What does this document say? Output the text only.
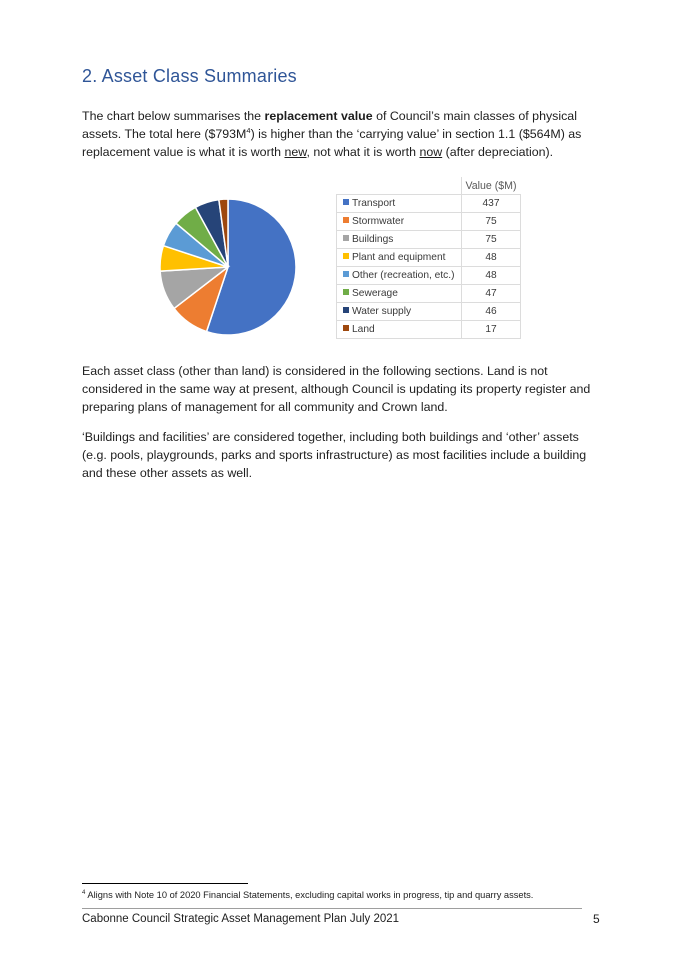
2. Asset Class Summaries

The chart below summarises the replacement value of Council’s main classes of physical assets. The total here $(\$793M^4)$ is higher than the ‘carrying value’ in section 1.1 ($564M) as replacement value is what it is worth new, not what it is worth now (after depreciation).

	Value ($M)
Transport	437
Stormwater	75
Buildings	75
Plant and equipment	48
Other (recreation, etc.)	48
Sewerage	47
Water supply	46
Land	17

Each asset class (other than land) is considered in the following sections. Land is not considered in the same way at present, although Council is updating its property register and preparing plans of management for all community and Crown land.

‘Buildings and facilities’ are considered together, including both buildings and ‘other’ assets (e.g. pools, playgrounds, parks and sports infrastructure) as most facilities include a building and these other assets as well.

$^4$ Aligns with Note 10 of 2020 Financial Statements, excluding capital works in progress, tip and quarry assets.

Cabonne Council Strategic Asset Management Plan July 2021	5
